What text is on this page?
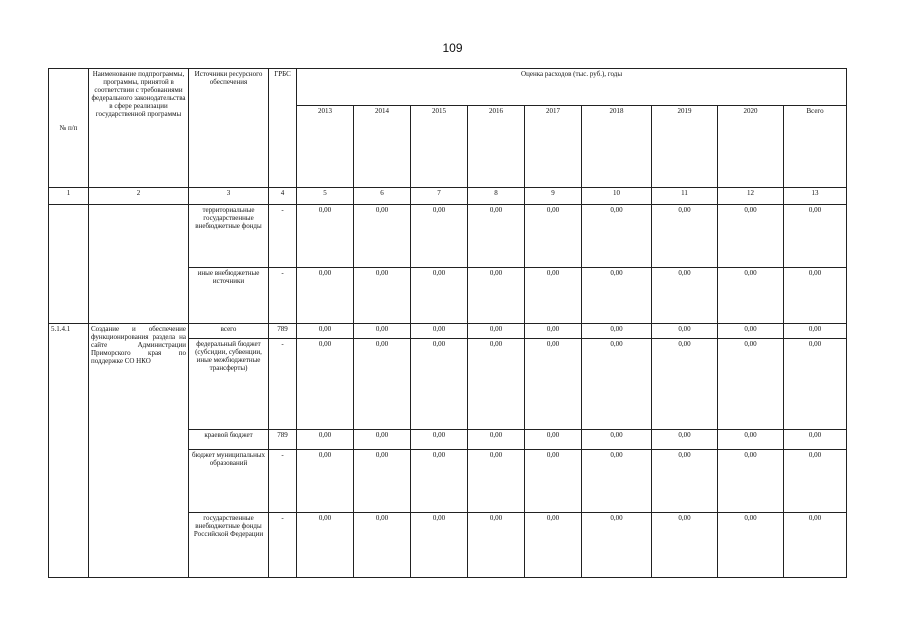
109
№ п/п	Наименование подпрограммы, программы, принятой в соответствии с требованиями федерального законодательства в сфере реализации государственной программы	Источники ресурсного обеспечения	ГРБС	Оценка расходов (тыс. руб.), годы								
				2013	2014	2015	2016	2017	2018	2019	2020	Всего
1	2	3	4	5	6	7	8	9	10	11	12	13
		территориальные государственные внебюджетные фонды	-	0,00	0,00	0,00	0,00	0,00	0,00	0,00	0,00	0,00
		иные внебюджетные источники	-	0,00	0,00	0,00	0,00	0,00	0,00	0,00	0,00	0,00
5.1.4.1	Создание и обеспечение функционирования раздела на сайте Администрации Приморского края по поддержке СО НКО	всего	789	0,00	0,00	0,00	0,00	0,00	0,00	0,00	0,00	0,00
		федеральный бюджет (субсидии, субвенции, иные межбюджетные трансферты)	-	0,00	0,00	0,00	0,00	0,00	0,00	0,00	0,00	0,00
		краевой бюджет	789	0,00	0,00	0,00	0,00	0,00	0,00	0,00	0,00	0,00
		бюджет муниципальных образований	-	0,00	0,00	0,00	0,00	0,00	0,00	0,00	0,00	0,00
		государственные внебюджетные фонды Российской Федерации	-	0,00	0,00	0,00	0,00	0,00	0,00	0,00	0,00	0,00
